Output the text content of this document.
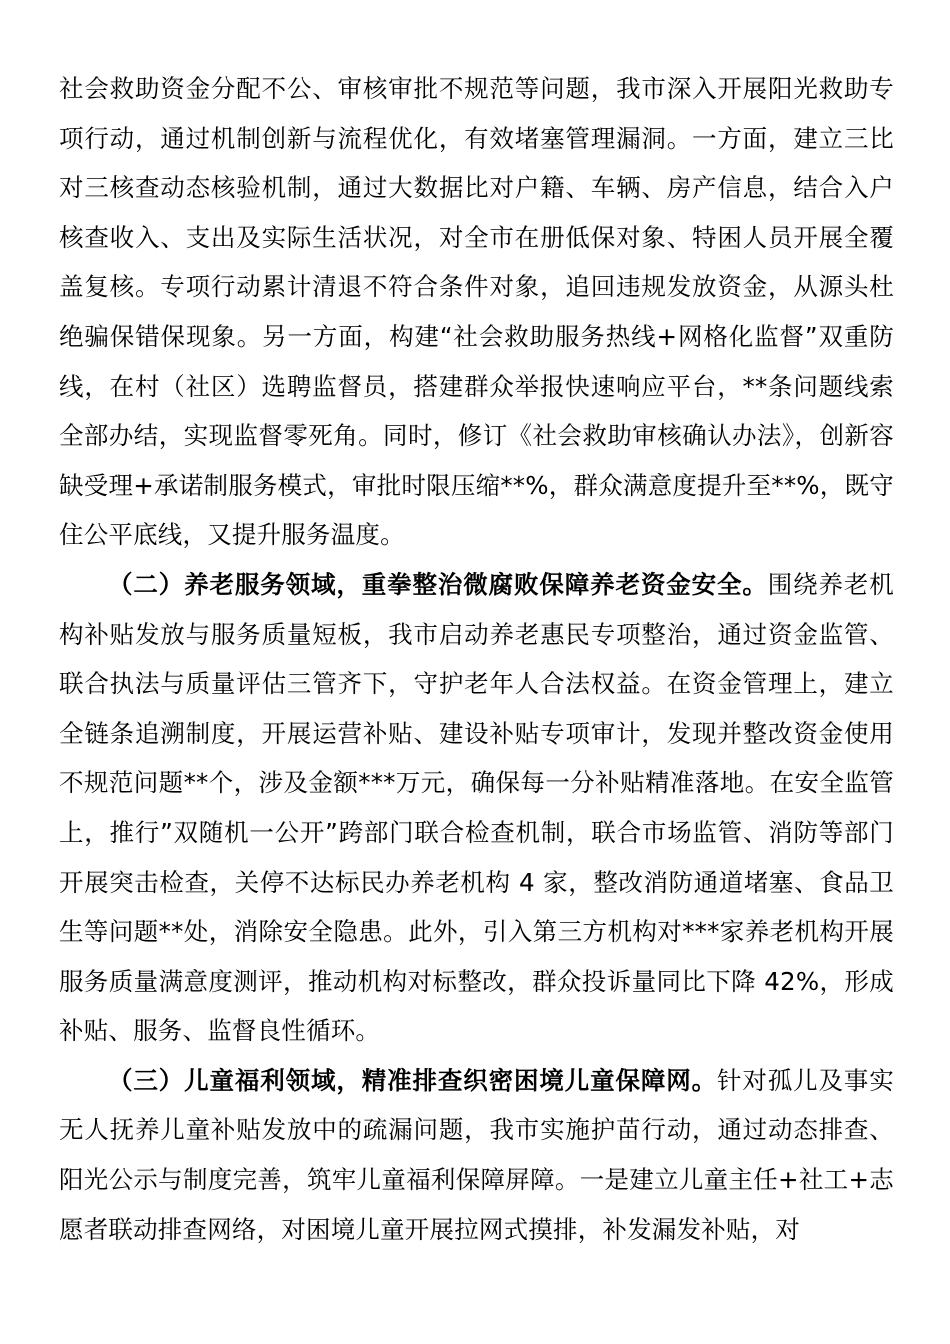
社会救助资金分配不公、审核审批不规范等问题，我市深入开展阳光救助专项行动，通过机制创新与流程优化，有效堵塞管理漏洞。一方面，建立三比对三核查动态核验机制，通过大数据比对户籍、车辆、房产信息，结合入户核查收入、支出及实际生活状况，对全市在册低保对象、特困人员开展全覆盖复核。专项行动累计清退不符合条件对象，追回违规发放资金，从源头杜绝骗保错保现象。另一方面，构建“社会救助服务热线+网格化监督”双重防线，在村（社区）选聘监督员，搭建群众举报快速响应平台，**条问题线索全部办结，实现监督零死角。同时，修订《社会救助审核确认办法》，创新容缺受理+承诺制服务模式，审批时限压缩**%，群众满意度提升至**%，既守住公平底线，又提升服务温度。

（二）养老服务领域，重拳整治微腐败保障养老资金安全。围绕养老机构补贴发放与服务质量短板，我市启动养老惠民专项整治，通过资金监管、联合执法与质量评估三管齐下，守护老年人合法权益。在资金管理上，建立全链条追溯制度，开展运营补贴、建设补贴专项审计，发现并整改资金使用不规范问题**个，涉及金额***万元，确保每一分补贴精准落地。在安全监管上，推行”双随机一公开”跨部门联合检查机制，联合市场监管、消防等部门开展突击检查，关停不达标民办养老机构 4 家，整改消防通道堵塞、食品卫生等问题**处，消除安全隐患。此外，引入第三方机构对***家养老机构开展服务质量满意度测评，推动机构对标整改，群众投诉量同比下降 42%，形成补贴、服务、监督良性循环。

（三）儿童福利领域，精准排查织密困境儿童保障网。针对孤儿及事实无人抚养儿童补贴发放中的疏漏问题，我市实施护苗行动，通过动态排查、阳光公示与制度完善，筑牢儿童福利保障屏障。一是建立儿童主任+社工+志愿者联动排查网络，对困境儿童开展拉网式摸排，补发漏发补贴，对
